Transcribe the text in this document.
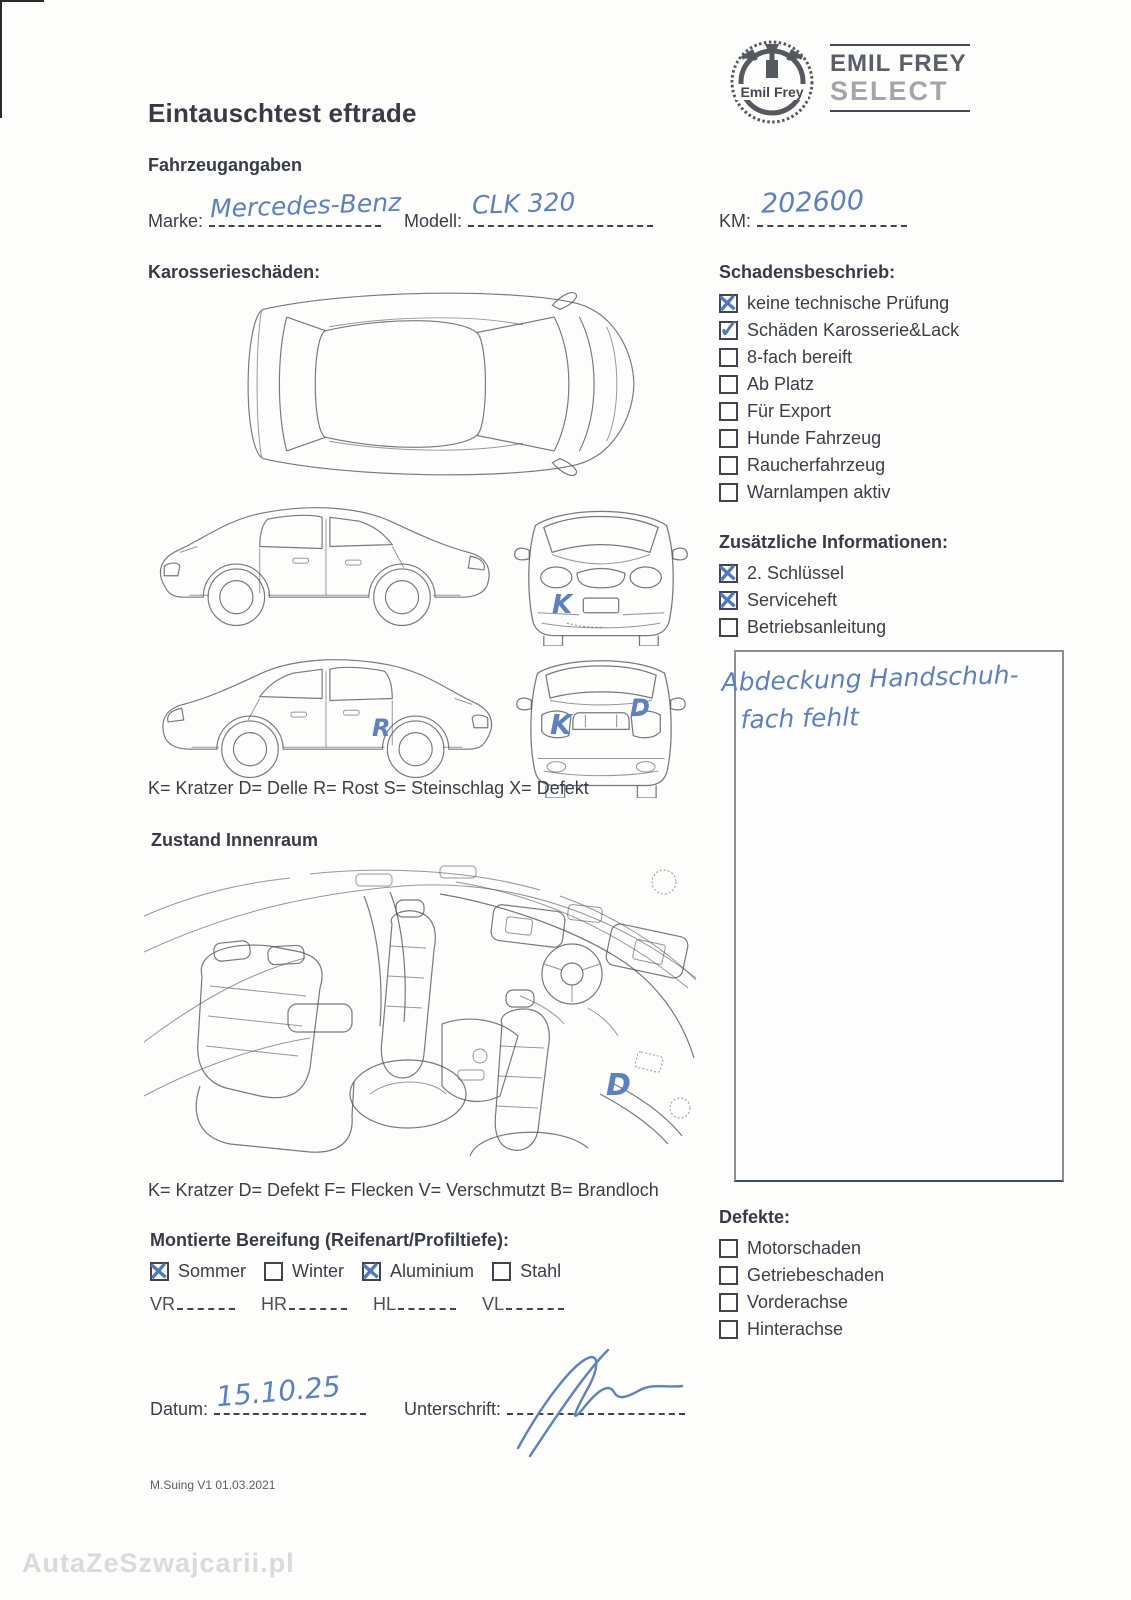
Eintauschtest eftrade
Emil Frey
EMIL FREY
SELECT
Fahrzeugangaben
Marke: Mercedes-Benz Modell:
CLK 320
KM:
202600
Karosserieschäden:
K
R	K D
K= Kratzer D= Delle R= Rost S= Steinschlag X= Defekt
Zustand Innenraum
D
K= Kratzer D= Defekt F= Flecken V= Verschmutzt B= Brandloch
Montierte Bereifung (Reifenart/Profiltiefe):
✕
Sommer	Winter ✕	Aluminium	Stahl
VR	HR	HL	VL
Datum: 15.10.25	Unterschrift:
M.Suing V1 01.03.2021
Schadensbeschrieb:
✕
keine technische Prüfung
✓
Schäden Karosserie&Lack
8-fach bereift
Ab Platz
Für Export
Hunde Fahrzeug
Raucherfahrzeug
Warnlampen aktiv
Zusätzliche Informationen:
✕
2. Schlüssel
✕
Serviceheft
Betriebsanleitung
Abdeckung Handschuh-
fach fehlt
Defekte:
Motorschaden
Getriebeschaden
Vorderachse
Hinterachse
AutaZeSzwajcarii.pl
